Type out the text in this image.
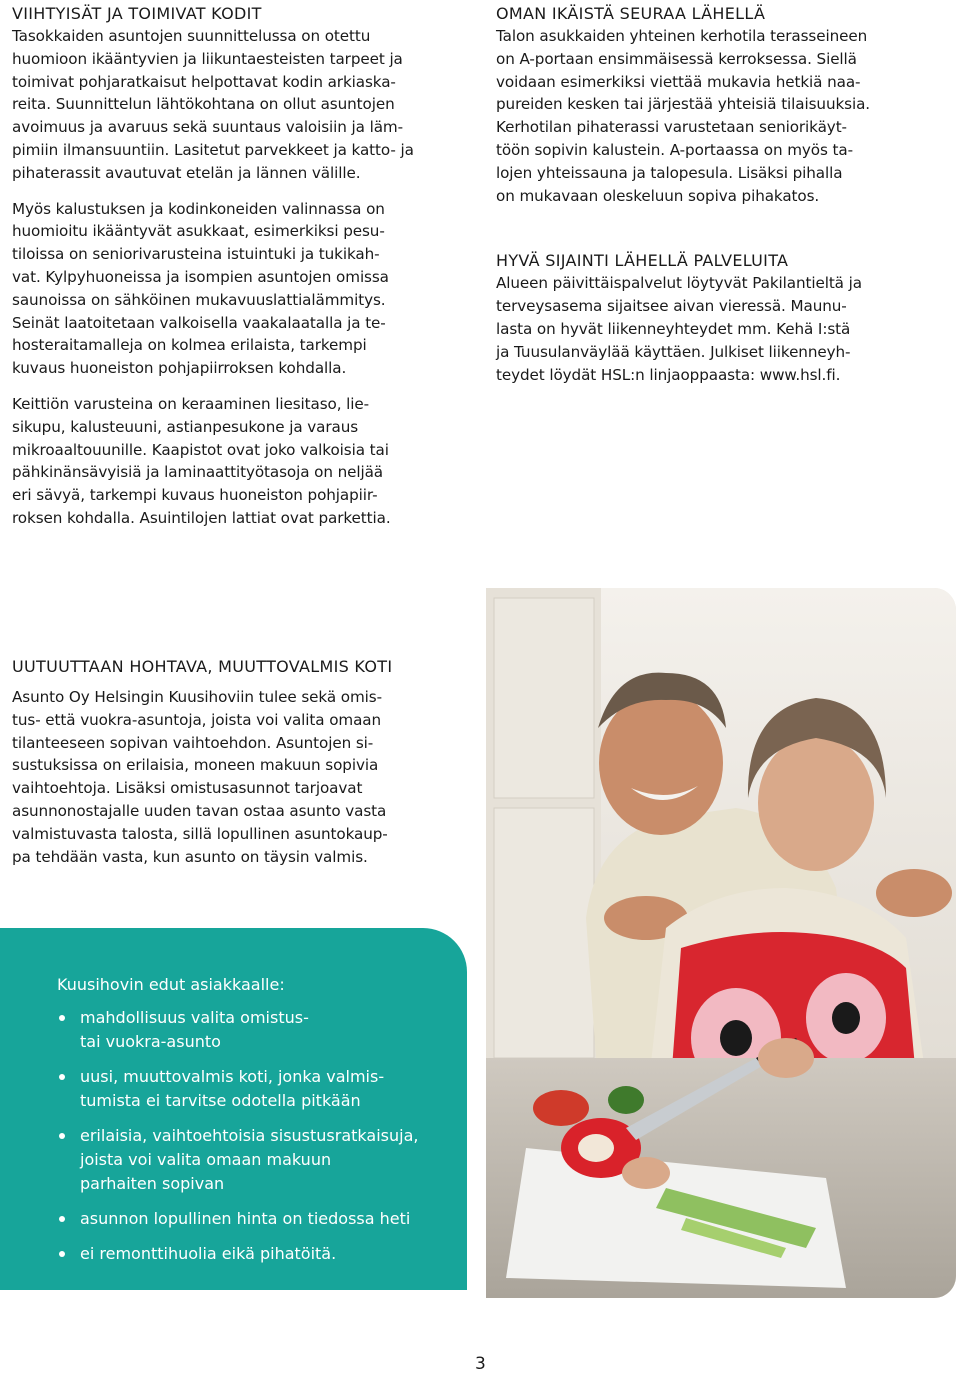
VIIHTYISÄT JA TOIMIVAT KODIT
Tasokkaiden asuntojen suunnittelussa on otettu
huomioon ikääntyvien ja liikuntaesteisten tarpeet ja
toimivat pohjaratkaisut helpottavat kodin arkiaska-
reita. Suunnittelun lähtökohtana on ollut asuntojen
avoimuus ja avaruus sekä suuntaus valoisiin ja läm-
pimiin ilmansuuntiin. Lasitetut parvekkeet ja katto- ja
pihaterassit avautuvat etelän ja lännen välille.
Myös kalustuksen ja kodinkoneiden valinnassa on
huomioitu ikääntyvät asukkaat, esimerkiksi pesu-
tiloissa on seniorivarusteina istuintuki ja tukikah-
vat. Kylpyhuoneissa ja isompien asuntojen omissa
saunoissa on sähköinen mukavuuslattialämmitys.
Seinät laatoitetaan valkoisella vaakalaatalla ja te-
hosteraitamalleja on kolmea erilaista, tarkempi
kuvaus huoneiston pohjapiirroksen kohdalla.
Keittiön varusteina on keraaminen liesitaso, lie-
sikupu, kalusteuuni, astianpesukone ja varaus
mikroaaltouunille. Kaapistot ovat joko valkoisia tai
pähkinänsävyisiä ja laminaattityötasoja on neljää
eri sävyä, tarkempi kuvaus huoneiston pohjapiir-
roksen kohdalla. Asuintilojen lattiat ovat parkettia.
OMAN IKÄISTÄ SEURAA LÄHELLÄ
Talon asukkaiden yhteinen kerhotila terasseineen
on A-portaan ensimmäisessä kerroksessa. Siellä
voidaan esimerkiksi viettää mukavia hetkiä naa-
pureiden kesken tai järjestää yhteisiä tilaisuuksia.
Kerhotilan pihaterassi varustetaan seniorikäyt-
töön sopivin kalustein. A-portaassa on myös ta-
lojen yhteissauna ja talopesula. Lisäksi pihalla
on mukavaan oleskeluun sopiva pihakatos.
HYVÄ SIJAINTI LÄHELLÄ PALVELUITA
Alueen päivittäispalvelut löytyvät Pakilantieltä ja
terveysasema sijaitsee aivan vieressä. Maunu-
lasta on hyvät liikenneyhteydet mm. Kehä I:stä
ja Tuusulanväylää käyttäen. Julkiset liikenneyh-
teydet löydät HSL:n linjaoppaasta: www.hsl.fi.
UUTUUTTAAN HOHTAVA, MUUTTOVALMIS KOTI
Asunto Oy Helsingin Kuusihoviin tulee sekä omis-
tus- että vuokra-asuntoja, joista voi valita omaan
tilanteeseen sopivan vaihtoehdon. Asuntojen si-
sustuksissa on erilaisia, moneen makuun sopivia
vaihtoehtoja. Lisäksi omistusasunnot tarjoavat
asunnonostajalle uuden tavan ostaa asunto vasta
valmistuvasta talosta, sillä lopullinen asuntokaup-
pa tehdään vasta, kun asunto on täysin valmis.
Kuusihovin edut asiakkaalle:
mahdollisuus valita omistus-
tai vuokra-asunto
uusi, muuttovalmis koti, jonka valmis-
tumista ei tarvitse odotella pitkään
erilaisia, vaihtoehtoisia sisustusratkaisuja,
joista voi valita omaan makuun
parhaiten sopivan
asunnon lopullinen hinta on tiedossa heti
ei remonttihuolia eikä pihatöitä.
3
